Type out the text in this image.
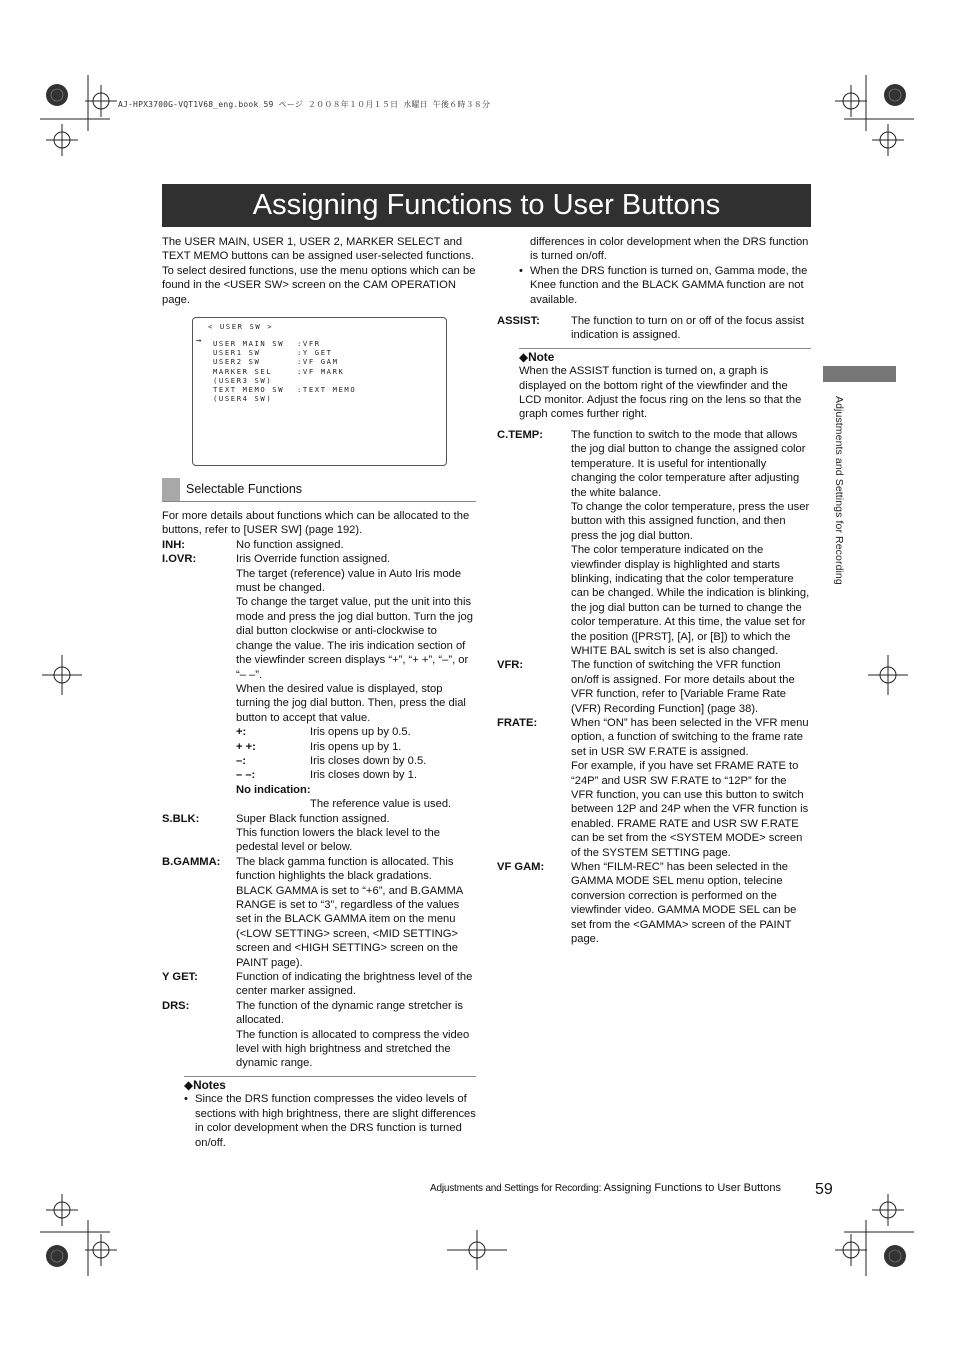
AJ-HPX3700G-VQT1V68_eng.book 59 ページ ２００８年１０月１５日 水曜日 午後６時３８分
Assigning Functions to User Buttons

The USER MAIN, USER 1, USER 2, MARKER SELECT and TEXT MEMO buttons can be assigned user-selected functions.

To select desired functions, use the menu options which can be found in the <USER SW> screen on the CAM OPERATION page.

< USER SW >
→ USER MAIN SW	:VFR
USER1 SW	:Y GET
USER2 SW	:VF GAM
MARKER SEL	:VF MARK
(USER3 SW)
TEXT MEMO SW	:TEXT MEMO
(USER4 SW)
Selectable Functions

For more details about functions which can be allocated to the buttons, refer to [USER SW] (page 192).

INH:	No function assigned.
I.OVR:	Iris Override function assigned.

The target (reference) value in Auto Iris mode must be changed.

To change the target value, put the unit into this mode and press the jog dial button. Turn the jog dial button clockwise or anti-clockwise to change the value. The iris indication section of the viewfinder screen displays “+”, “+ +”, “–”, or “– –”.

When the desired value is displayed, stop turning the jog dial button. Then, press the dial button to accept that value.

+:	Iris opens up by 0.5.
+ +:	Iris opens up by 1.
–:	Iris closes down by 0.5.
– –:	Iris closes down by 1.

No indication:

The reference value is used.

S.BLK:	Super Black function assigned.

This function lowers the black level to the pedestal level or below.

B.GAMMA:	The black gamma function is allocated. This function highlights the black gradations.

BLACK GAMMA is set to “+6”, and B.GAMMA RANGE is set to “3”, regardless of the values set in the BLACK GAMMA item on the menu (<LOW SETTING> screen, <MID SETTING> screen and <HIGH SETTING> screen on the PAINT page).

Y GET:	Function of indicating the brightness level of the center marker assigned.
DRS:	The function of the dynamic range stretcher is allocated.

The function is allocated to compress the video level with high brightness and stretched the dynamic range.

◆Notes
• Since the DRS function compresses the video levels of sections with high brightness, there are slight differences in color development when the DRS function is turned on/off.
differences in color development when the DRS function is turned on/off.
• When the DRS function is turned on, Gamma mode, the Knee function and the BLACK GAMMA function are not available.
ASSIST:	The function to turn on or off of the focus assist indication is assigned.
◆Note

When the ASSIST function is turned on, a graph is displayed on the bottom right of the viewfinder and the LCD monitor. Adjust the focus ring on the lens so that the graph comes further right.

C.TEMP:	The function to switch to the mode that allows the jog dial button to change the assigned color temperature. It is useful for intentionally changing the color temperature after adjusting the white balance.

To change the color temperature, press the user button with this assigned function, and then press the jog dial button.

The color temperature indicated on the viewfinder display is highlighted and starts blinking, indicating that the color temperature can be changed. While the indication is blinking, the jog dial button can be turned to change the color temperature. At this time, the value set for the position ([PRST], [A], or [B]) to which the WHITE BAL switch is set is also changed.

VFR:	The function of switching the VFR function on/off is assigned. For more details about the VFR function, refer to [Variable Frame Rate (VFR) Recording Function] (page 38).
FRATE:	When “ON” has been selected in the VFR menu option, a function of switching to the frame rate set in USR SW F.RATE is assigned.

For example, if you have set FRAME RATE to “24P” and USR SW F.RATE to “12P” for the VFR function, you can use this button to switch between 12P and 24P when the VFR function is enabled. FRAME RATE and USR SW F.RATE can be set from the <SYSTEM MODE> screen of the SYSTEM SETTING page.

VF GAM:	When “FILM-REC” has been selected in the GAMMA MODE SEL menu option, telecine conversion correction is performed on the viewfinder video. GAMMA MODE SEL can be set from the <GAMMA> screen of the PAINT page.
Adjustments and Settings for Recording
Adjustments and Settings for Recording: Assigning Functions to User Buttons 59
